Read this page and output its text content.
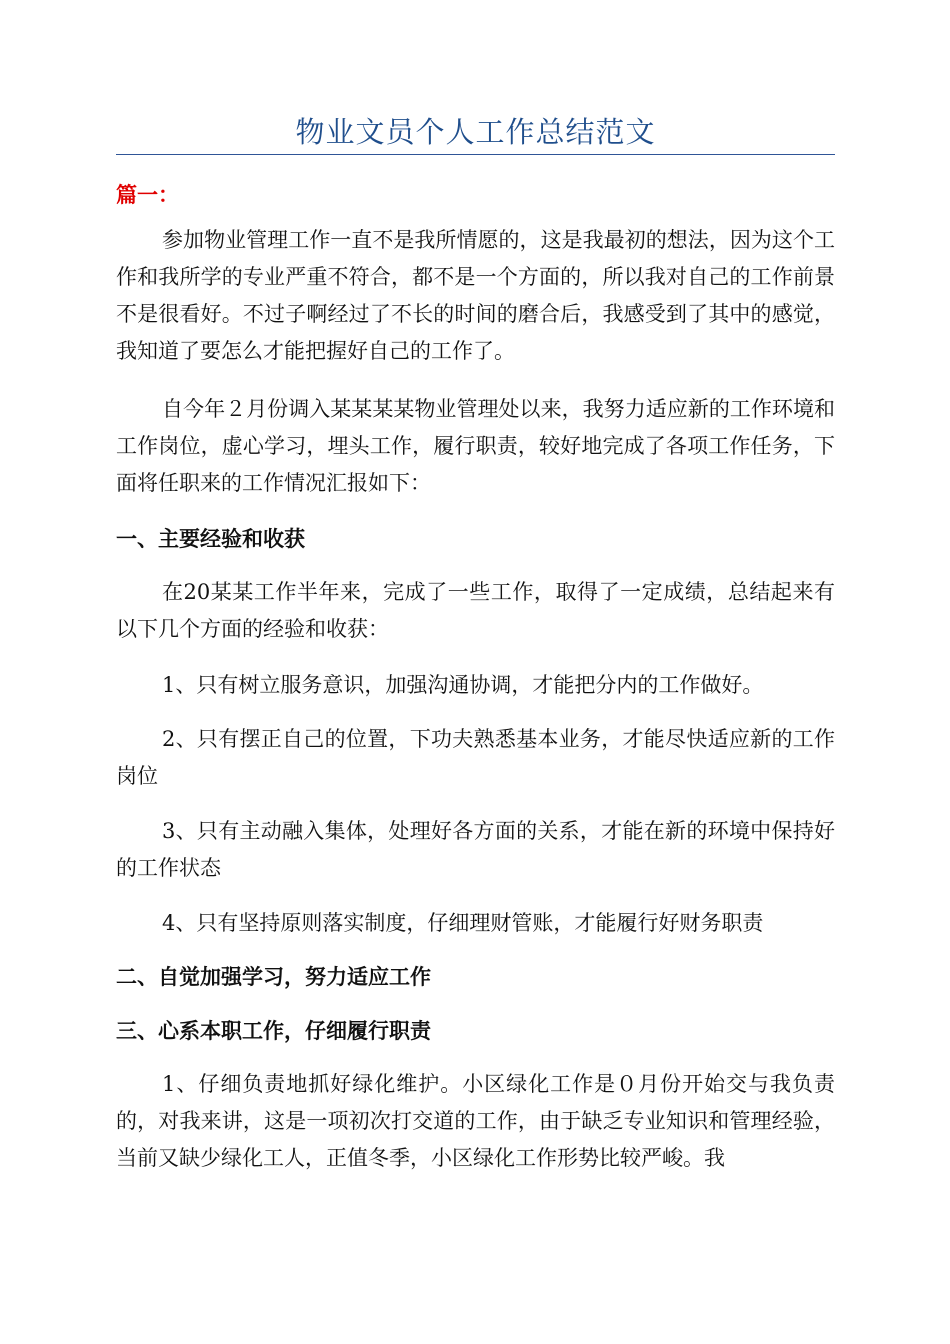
物业文员个人工作总结范文
篇一：

参加物业管理工作一直不是我所情愿的，这是我最初的想法，因为这个工作和我所学的专业严重不符合，都不是一个方面的，所以我对自己的工作前景不是很看好。不过子啊经过了不长的时间的磨合后，我感受到了其中的感觉，我知道了要怎么才能把握好自己的工作了。

自今年２月份调入某某某某物业管理处以来，我努力适应新的工作环境和工作岗位，虚心学习，埋头工作，履行职责，较好地完成了各项工作任务，下面将任职来的工作情况汇报如下：

一、主要经验和收获

在20某某工作半年来，完成了一些工作，取得了一定成绩，总结起来有以下几个方面的经验和收获：

1、只有树立服务意识，加强沟通协调，才能把分内的工作做好。

2、只有摆正自己的位置，下功夫熟悉基本业务，才能尽快适应新的工作岗位

3、只有主动融入集体，处理好各方面的关系，才能在新的环境中保持好的工作状态

4、只有坚持原则落实制度，仔细理财管账，才能履行好财务职责

二、自觉加强学习，努力适应工作

三、心系本职工作，仔细履行职责

1、仔细负责地抓好绿化维护。小区绿化工作是０月份开始交与我负责的，对我来讲，这是一项初次打交道的工作，由于缺乏专业知识和管理经验，当前又缺少绿化工人，正值冬季，小区绿化工作形势比较严峻。我
